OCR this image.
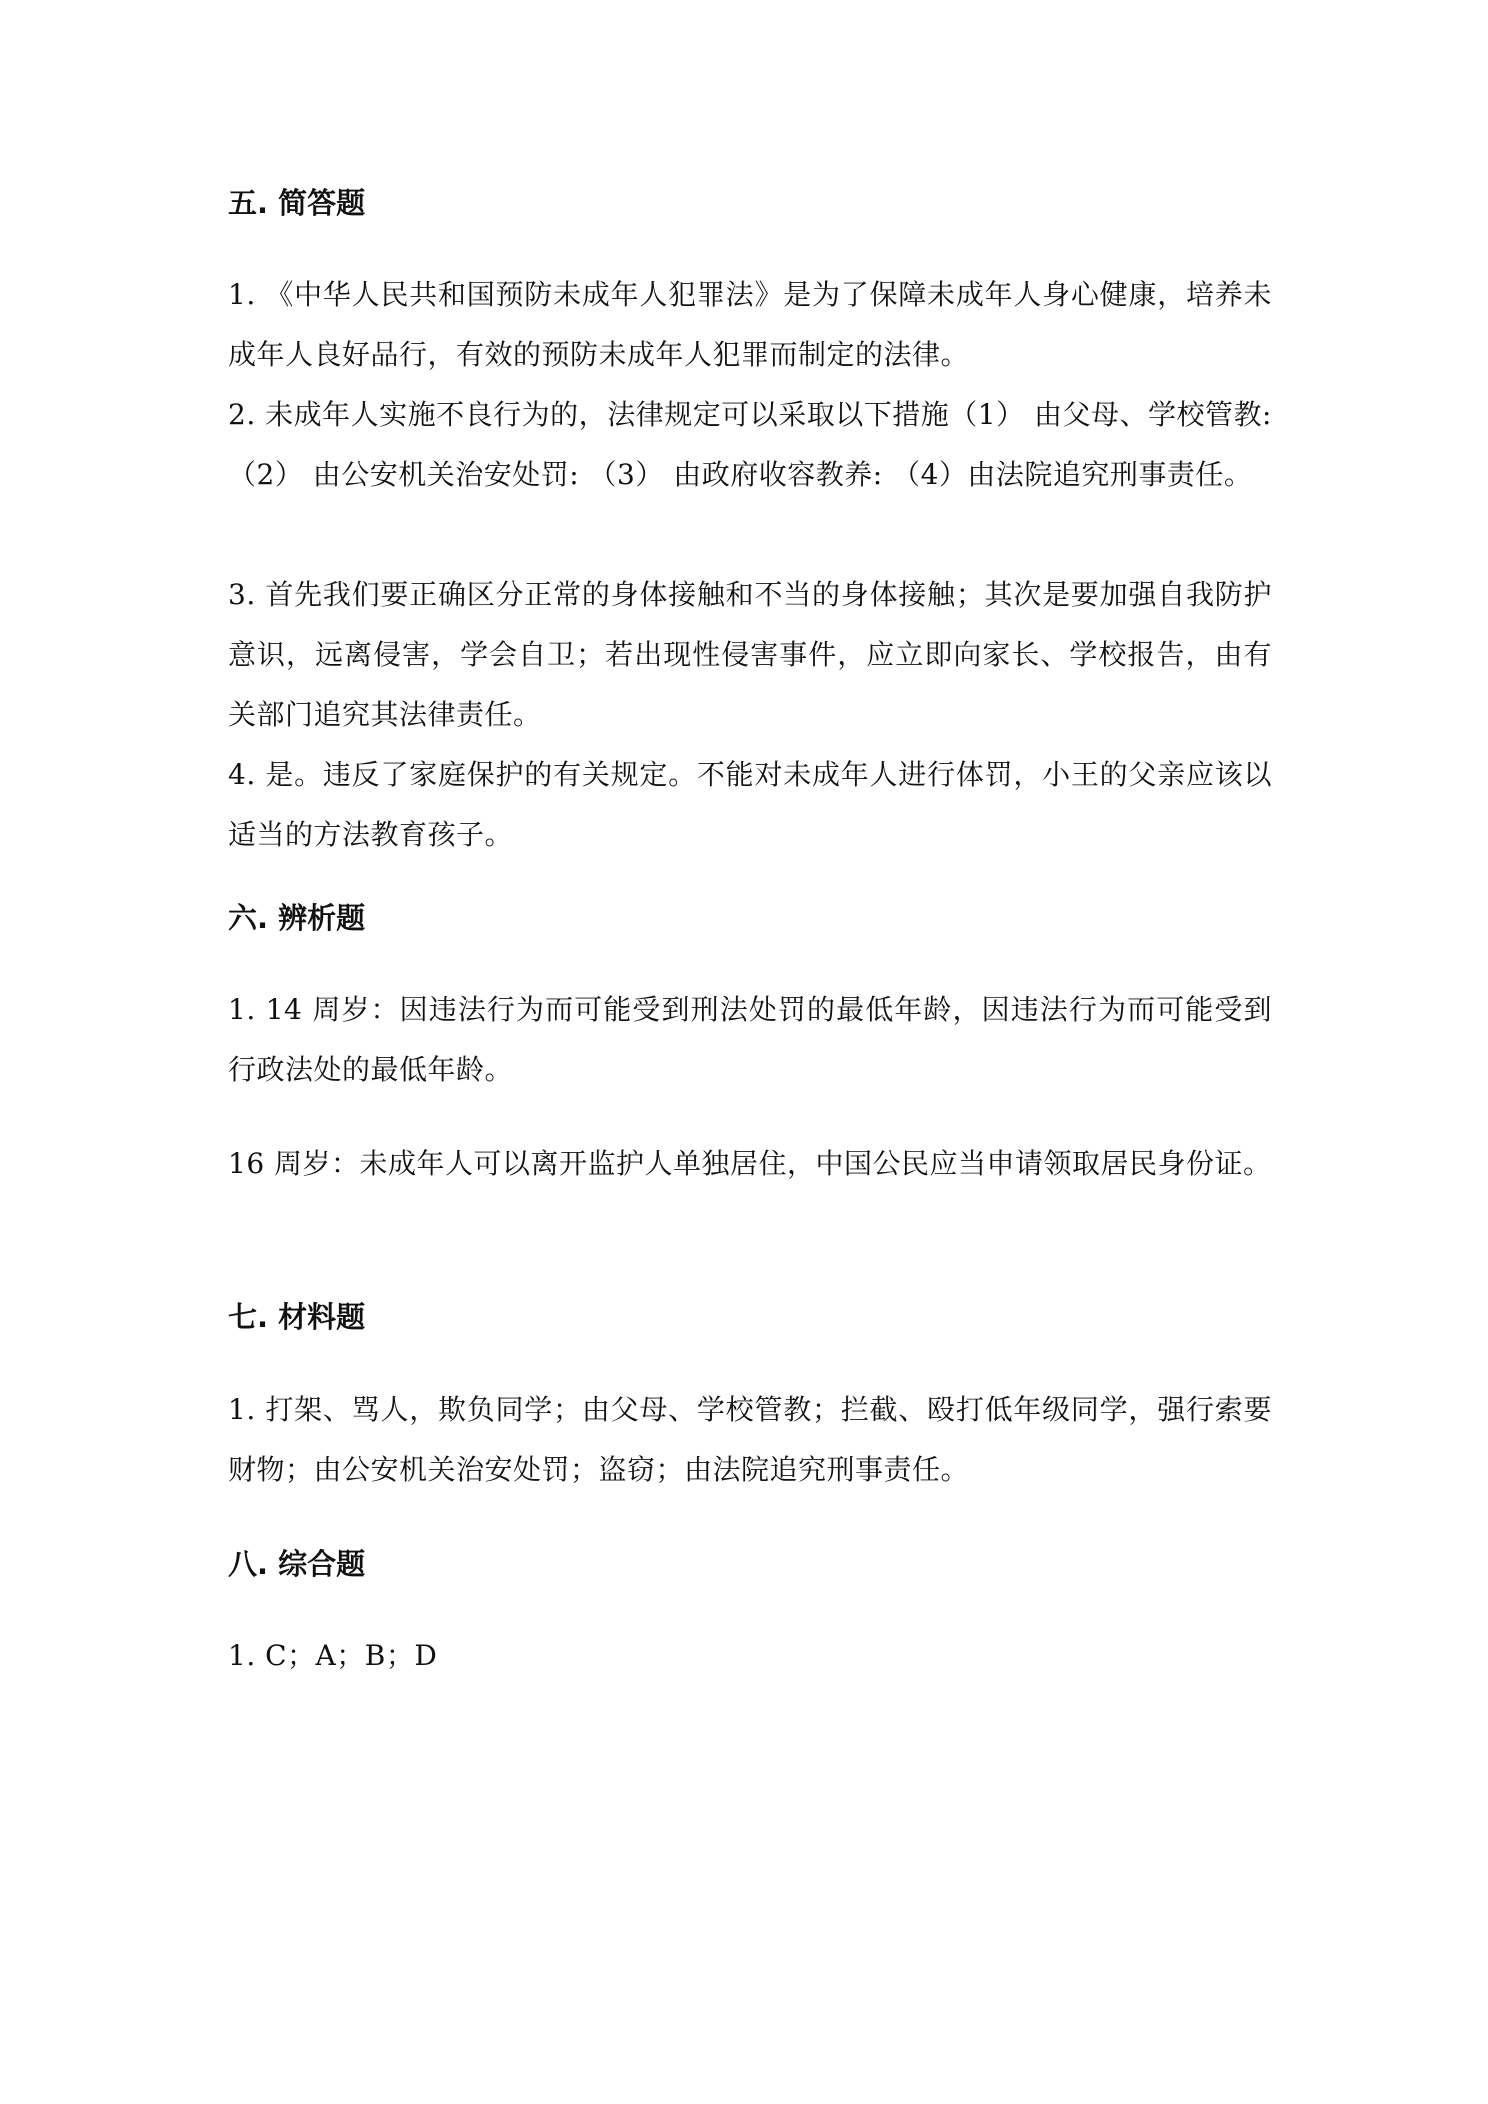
五. 简答题
1. 《中华人民共和国预防未成年人犯罪法》是为了保障未成年人身心健康，培养未成年人良好品行，有效的预防未成年人犯罪而制定的法律。
2. 未成年人实施不良行为的，法律规定可以采取以下措施（1） 由父母、学校管教: （2） 由公安机关治安处罚: （3） 由政府收容教养: （4）由法院追究刑事责任。
3. 首先我们要正确区分正常的身体接触和不当的身体接触；其次是要加强自我防护意识，远离侵害，学会自卫；若出现性侵害事件，应立即向家长、学校报告，由有关部门追究其法律责任。
4. 是。违反了家庭保护的有关规定。不能对未成年人进行体罚，小王的父亲应该以适当的方法教育孩子。
六. 辨析题
1. 14 周岁：因违法行为而可能受到刑法处罚的最低年龄，因违法行为而可能受到行政法处的最低年龄。
16 周岁：未成年人可以离开监护人单独居住，中国公民应当申请领取居民身份证。
七. 材料题
1. 打架、骂人，欺负同学；由父母、学校管教；拦截、殴打低年级同学，强行索要财物；由公安机关治安处罚；盗窃；由法院追究刑事责任。
八. 综合题
1. C；A；B；D
